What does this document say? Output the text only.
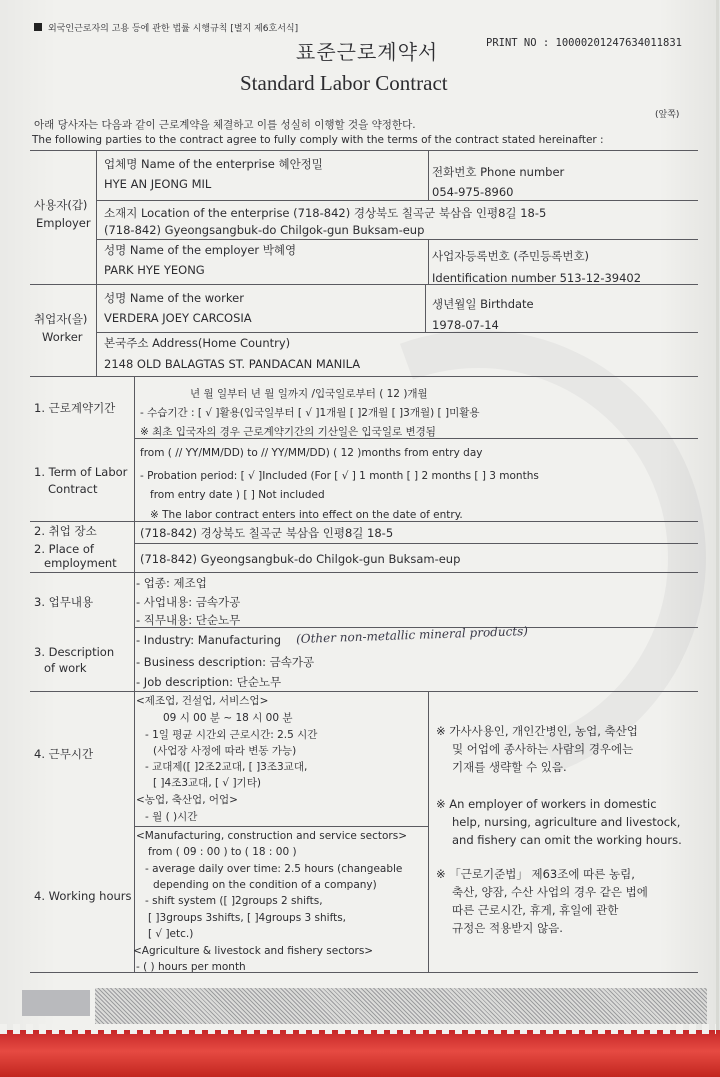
외국인근로자의 고용 등에 관한 법률 시행규칙 [별지 제6호서식]
PRINT NO : 10000201247634011831
표준근로계약서
Standard Labor Contract
(앞쪽)
아래 당사자는 다음과 같이 근로계약을 체결하고 이를 성실히 이행할 것을 약정한다.
The following parties to the contract agree to fully comply with the terms of the contract stated hereinafter :
사용자(갑)
Employer
업체명 Name of the enterprise 혜안정밀
HYE AN JEONG MIL
전화번호 Phone number
054-975-8960
소재지 Location of the enterprise (718-842) 경상북도 칠곡군 북삼읍 인평8길 18-5
(718-842) Gyeongsangbuk-do Chilgok-gun Buksam-eup
성명 Name of the employer 박혜영
PARK HYE YEONG
사업자등록번호 (주민등록번호)
Identification number 513-12-39402
취업자(을)
Worker
성명 Name of the worker
VERDERA JOEY CARCOSIA
생년월일 Birthdate
1978-07-14
본국주소 Address(Home Country)
2148 OLD BALAGTAS ST. PANDACAN MANILA
1. 근로계약기간
1. Term of Labor
Contract
년 월 일부터 년 월 일까지 /입국일로부터 ( 12 )개월
- 수습기간 : [ √ ]활용(입국일부터 [ √ ]1개월 [ ]2개월 [ ]3개월) [ ]미활용
※ 최초 입국자의 경우 근로계약기간의 기산일은 입국일로 변경됨
from ( // YY/MM/DD) to // YY/MM/DD) ( 12 )months from entry day
- Probation period: [ √ ]Included (For [ √ ] 1 month [ ] 2 months [ ] 3 months
from entry date ) [ ] Not included
※ The labor contract enters into effect on the date of entry.
2. 취업 장소
2. Place of
employment
(718-842) 경상북도 칠곡군 북삼읍 인평8길 18-5
(718-842) Gyeongsangbuk-do Chilgok-gun Buksam-eup
3. 업무내용
3. Description
of work
- 업종: 제조업
- 사업내용: 금속가공
- 직무내용: 단순노무
- Industry: Manufacturing (Other non-metallic mineral products)
- Business description: 금속가공
- Job description: 단순노무
4. 근무시간
4. Working hours
<제조업, 건설업, 서비스업>
09 시 00 분 ~ 18 시 00 분
- 1일 평균 시간외 근로시간: 2.5 시간
(사업장 사정에 따라 변동 가능)
- 교대제([ ]2조2교대, [ ]3조3교대,
[ ]4조3교대, [ √ ]기타)
<농업, 축산업, 어업>
- 월 ( )시간
<Manufacturing, construction and service sectors>
from ( 09 : 00 ) to ( 18 : 00 )
- average daily over time: 2.5 hours (changeable
depending on the condition of a company)
- shift system ([ ]2groups 2 shifts,
[ ]3groups 3shifts, [ ]4groups 3 shifts,
[ √ ]etc.)
<Agriculture & livestock and fishery sectors>
- ( ) hours per month
※ 가사사용인, 개인간병인, 농업, 축산업
및 어업에 종사하는 사람의 경우에는
기재를 생략할 수 있음.
※ An employer of workers in domestic
help, nursing, agriculture and livestock,
and fishery can omit the working hours.
※ 「근로기준법」 제63조에 따른 농림,
축산, 양잠, 수산 사업의 경우 같은 법에
따른 근로시간, 휴게, 휴일에 관한
규정은 적용받지 않음.
